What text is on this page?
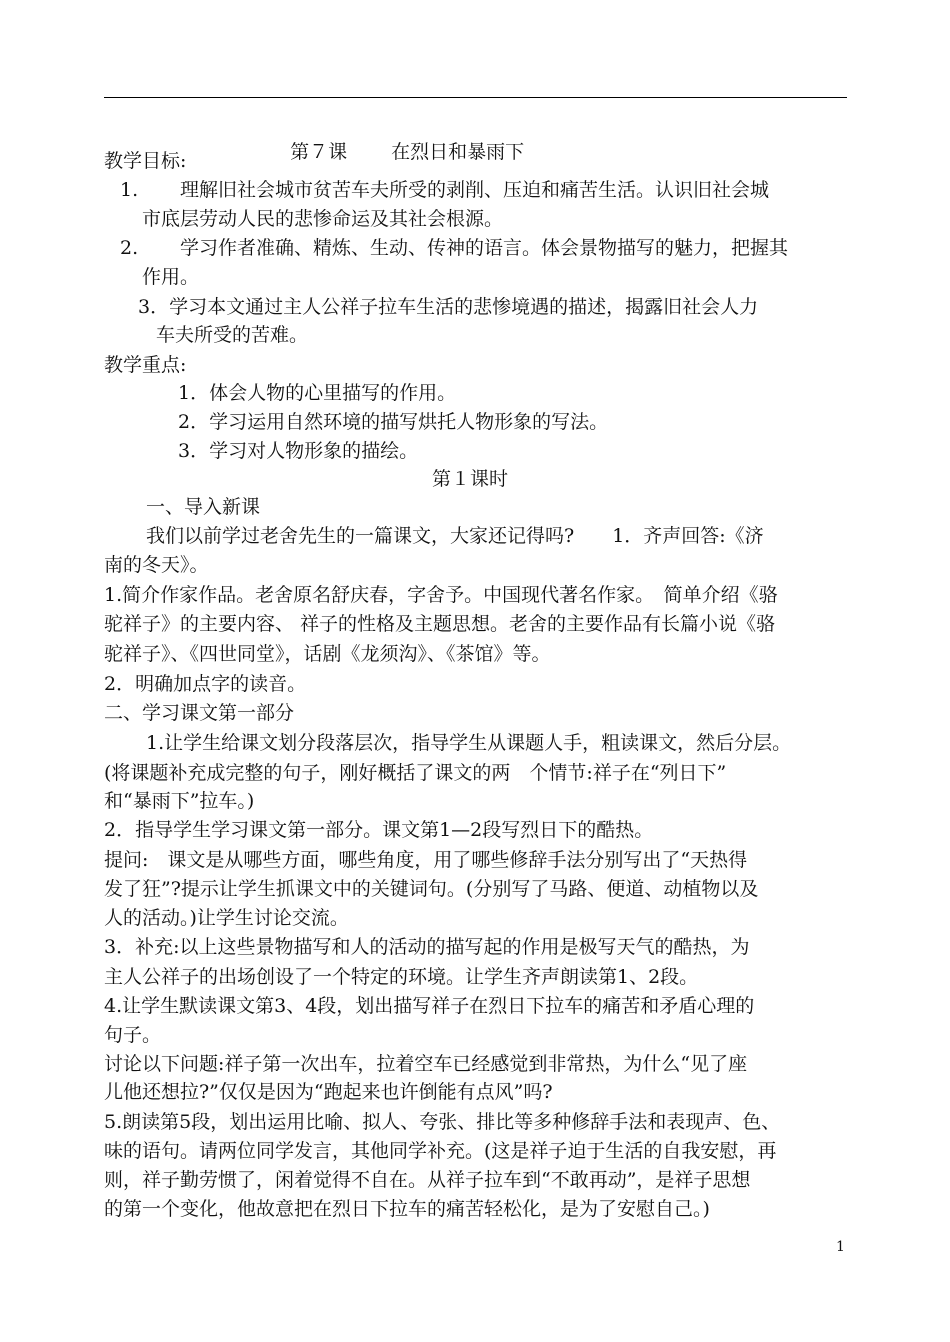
第７课 在烈日和暴雨下

教学目标:
1. 理解旧社会城市贫苦车夫所受的剥削、压迫和痛苦生活。认识旧社会城
市底层劳动人民的悲惨命运及其社会根源。
2. 学习作者准确、精炼、生动、传神的语言。体会景物描写的魅力，把握其
作用。
3．学习本文通过主人公祥子拉车生活的悲惨境遇的描述，揭露旧社会人力
车夫所受的苦难。
教学重点:
1．体会人物的心里描写的作用。
2．学习运用自然环境的描写烘托人物形象的写法。
3．学习对人物形象的描绘。
第１课时
一、导入新课
我们以前学过老舍先生的一篇课文，大家还记得吗?　　1．齐声回答:《济
南的冬天》。
1.简介作家作品。老舍原名舒庆春，字舍予。中国现代著名作家。　简单介绍《骆
驼祥子》的主要内容、 祥子的性格及主题思想。老舍的主要作品有长篇小说《骆
驼祥子》、《四世同堂》，话剧《龙须沟》、《茶馆》等。
2．明确加点字的读音。
二、学习课文第一部分
1.让学生给课文划分段落层次，指导学生从课题人手，粗读课文，然后分层。
(将课题补充成完整的句子，刚好概括了课文的两　个情节:祥子在“列日下”
和“暴雨下”拉车。)
2．指导学生学习课文第一部分。课文第1—2段写烈日下的酷热。
提问:　课文是从哪些方面，哪些角度，用了哪些修辞手法分别写出了“天热得
发了狂”?提示让学生抓课文中的关键词句。(分别写了马路、便道、动植物以及
人的活动。)让学生讨论交流。
3．补充:以上这些景物描写和人的活动的描写起的作用是极写天气的酷热，为
主人公祥子的出场创设了一个特定的环境。让学生齐声朗读第1、2段。
4.让学生默读课文第3、4段，划出描写祥子在烈日下拉车的痛苦和矛盾心理的
句子。
讨论以下问题:祥子第一次出车，拉着空车已经感觉到非常热，为什么“见了座
儿他还想拉?”仅仅是因为“跑起来也许倒能有点风”吗?
5.朗读第5段，划出运用比喻、拟人、夸张、排比等多种修辞手法和表现声、色、
味的语句。请两位同学发言，其他同学补充。(这是祥子迫于生活的自我安慰，再
则，祥子勤劳惯了，闲着觉得不自在。从祥子拉车到“不敢再动”，是祥子思想
的第一个变化，他故意把在烈日下拉车的痛苦轻松化，是为了安慰自己。)
1
